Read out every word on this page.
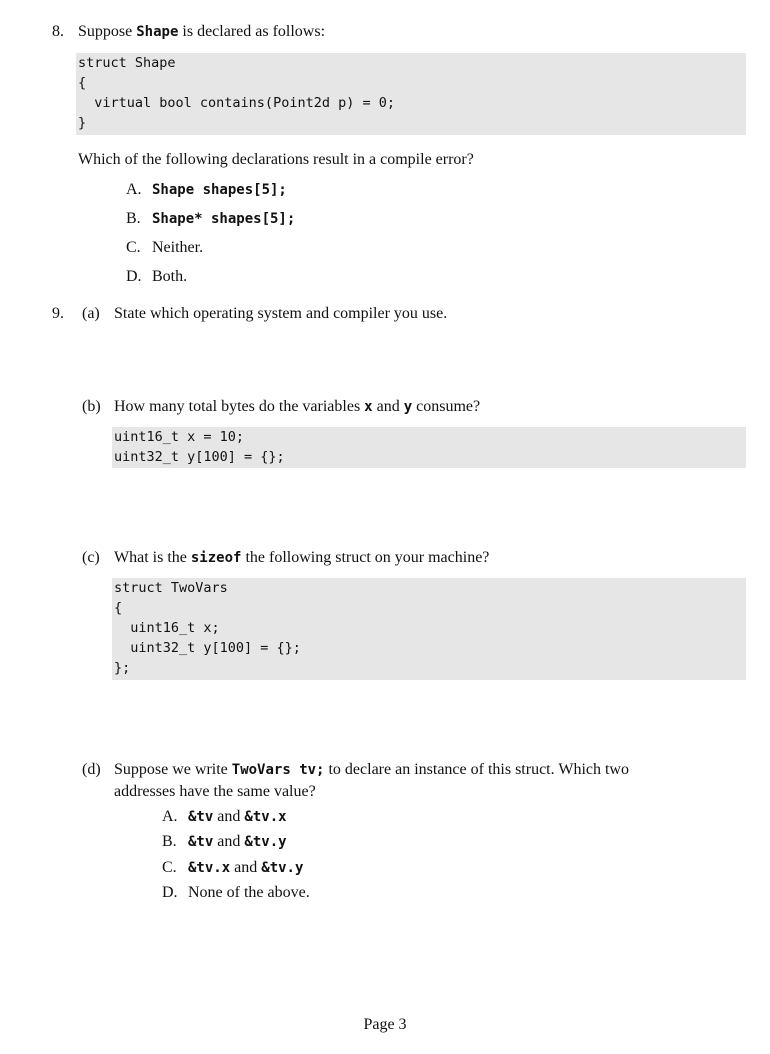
8. Suppose Shape is declared as follows:
struct Shape
{
virtual bool contains(Point2d p) = 0;
}
Which of the following declarations result in a compile error?
A. Shape shapes[5];
B. Shape* shapes[5];
C. Neither.
D. Both.
9. (a) State which operating system and compiler you use.
(b) How many total bytes do the variables x and y consume?
uint16_t x = 10;
uint32_t y[100] = {};
(c) What is the sizeof the following struct on your machine?
struct TwoVars
{
uint16_t x;
uint32_t y[100] = {};
};
(d) Suppose we write TwoVars tv; to declare an instance of this struct. Which two
addresses have the same value?
A. &tv and &tv.x
B. &tv and &tv.y
C. &tv.x and &tv.y
D. None of the above.
Page 3
